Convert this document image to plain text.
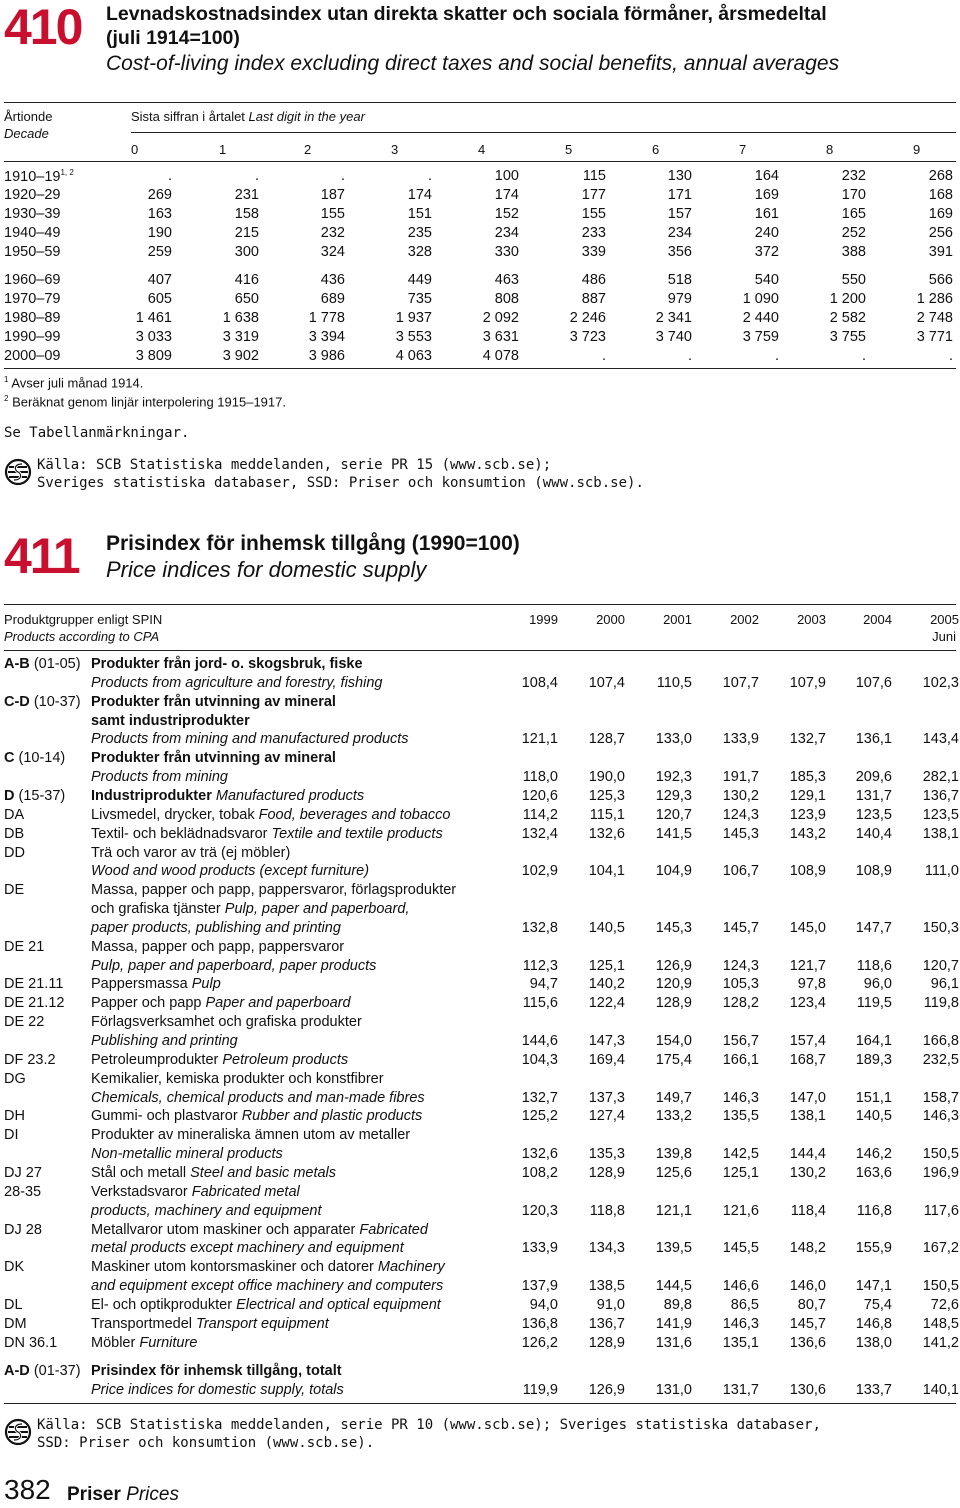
410 Levnadskostnadsindex utan direkta skatter och sociala förmåner, årsmedeltal
(juli 1914=100)
Cost-of-living index excluding direct taxes and social benefits, annual averages
Årtionde
Decade
Sista siffran i årtalet Last digit in the year
0	1	2	3	4	5	6	7	8	9
1910–19$^{1, 2}$	.	.	.	.	100	115	130	164	232	268
1920–29	269	231	187	174	174	177	171	169	170	168
1930–39	163	158	155	151	152	155	157	161	165	169
1940–49	190	215	232	235	234	233	234	240	252	256
1950–59	259	300	324	328	330	339	356	372	388	391
1960–69	407	416	436	449	463	486	518	540	550	566
1970–79	605	650	689	735	808	887	979	1 090	1 200	1 286
1980–89	1 461	1 638	1 778	1 937	2 092	2 246	2 341	2 440	2 582	2 748
1990–99	3 033	3 319	3 394	3 553	3 631	3 723	3 740	3 759	3 755	3 771
2000–09	3 809	3 902	3 986	4 063	4 078	.	.	.	.	.
$^1$ Avser juli månad 1914.
$^2$ Beräknat genom linjär interpolering 1915–1917.
Se Tabellanmärkningar.
Källa: SCB Statistiska meddelanden, serie PR 15 (www.scb.se);
Sveriges statistiska databaser, SSD: Priser och konsumtion (www.scb.se).
411 Prisindex för inhemsk tillgång (1990=100)
Price indices for domestic supply
Produktgrupper enligt SPIN
Products according to CPA
1999	2000	2001	2002	2003	2004	2005
Juni
A-B (01-05) Produkter från jord- o. skogsbruk, fiske
Products from agriculture and forestry, fishing	108,4 107,4 110,5 107,7 107,9 107,6 102,3
C-D (10-37) Produkter från utvinning av mineral
samt industriprodukter
Products from mining and manufactured products	121,1 128,7 133,0 133,9 132,7 136,1 143,4
C (10-14) Produkter från utvinning av mineral
Products from mining	118,0 190,0 192,3 191,7 185,3 209,6 282,1
D (15-37) Industriprodukter Manufactured products	120,6 125,3 129,3 130,2 129,1 131,7 136,7
DA	Livsmedel, drycker, tobak Food, beverages and tobacco	114,2 115,1 120,7 124,3 123,9 123,5 123,5
DB	Textil- och beklädnadsvaror Textile and textile products	132,4 132,6 141,5 145,3 143,2 140,4 138,1
DD	Trä och varor av trä (ej möbler)
Wood and wood products (except furniture)	102,9 104,1 104,9 106,7 108,9 108,9 111,0
DE	Massa, papper och papp, pappersvaror, förlagsprodukter
och grafiska tjänster Pulp, paper and paperboard,
paper products, publishing and printing	132,8 140,5 145,3 145,7 145,0 147,7 150,3
DE 21	Massa, papper och papp, pappersvaror
Pulp, paper and paperboard, paper products	112,3 125,1 126,9 124,3 121,7 118,6 120,7
DE 21.11 Pappersmassa Pulp	94,7 140,2 120,9 105,3	97,8	96,0	96,1
DE 21.12 Papper och papp Paper and paperboard	115,6 122,4 128,9 128,2 123,4 119,5 119,8
DE 22	Förlagsverksamhet och grafiska produkter
Publishing and printing	144,6 147,3 154,0 156,7 157,4 164,1 166,8
DF 23.2 Petroleumprodukter Petroleum products	104,3 169,4 175,4 166,1 168,7 189,3 232,5
DG	Kemikalier, kemiska produkter och konstfibrer
Chemicals, chemical products and man-made fibres	132,7 137,3 149,7 146,3 147,0 151,1 158,7
DH	Gummi- och plastvaror Rubber and plastic products	125,2 127,4 133,2 135,5 138,1 140,5 146,3
DI	Produkter av mineraliska ämnen utom av metaller
Non-metallic mineral products	132,6 135,3 139,8 142,5 144,4 146,2 150,5
DJ 27	Stål och metall Steel and basic metals	108,2 128,9 125,6 125,1 130,2 163,6 196,9
28-35	Verkstadsvaror Fabricated metal
products, machinery and equipment	120,3 118,8 121,1 121,6 118,4 116,8 117,6
DJ 28	Metallvaror utom maskiner och apparater Fabricated
metal products except machinery and equipment	133,9 134,3 139,5 145,5 148,2 155,9 167,2
DK	Maskiner utom kontorsmaskiner och datorer Machinery
and equipment except office machinery and computers	137,9 138,5 144,5 146,6 146,0 147,1 150,5
DL	El- och optikprodukter Electrical and optical equipment	94,0	91,0	89,8	86,5	80,7	75,4	72,6
DM	Transportmedel Transport equipment	136,8 136,7 141,9 146,3 145,7 146,8 148,5
DN 36.1 Möbler Furniture	126,2 128,9 131,6 135,1 136,6 138,0 141,2
A-D (01-37) Prisindex för inhemsk tillgång, totalt
Price indices for domestic supply, totals	119,9 126,9 131,0 131,7 130,6 133,7 140,1
Källa: SCB Statistiska meddelanden, serie PR 10 (www.scb.se); Sveriges statistiska databaser,
SSD: Priser och konsumtion (www.scb.se).
382 Priser Prices
